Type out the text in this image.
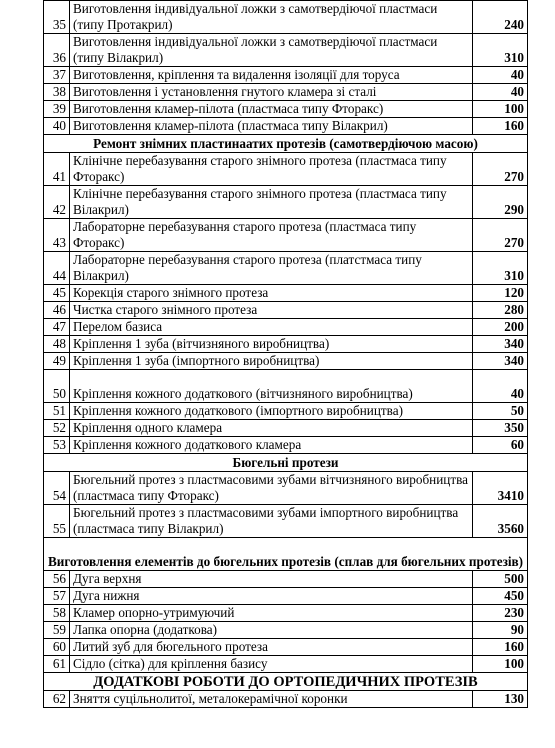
35	Виготовлення індивідуальної ложки з самотвердіючої пластмаси (типу Протакрил)	240
36	Виготовлення індивідуальної ложки з самотвердіючої пластмаси (типу Вілакрил)	310
37	Виготовлення, кріплення та видалення ізоляції для торуса	40
38	Виготовлення і установлення гнутого кламера зі сталі	40
39	Виготовлення кламер-пілота (пластмаса типу Фторакс)	100
40	Виготовлення кламер-пілота (пластмаса типу Вілакрил)	160
Ремонт знімних пластинаатих протезів (самотвердіючою масою)		
41	Клінічне перебазування старого знімного протеза (пластмаса типу Фторакс)	270
42	Клінічне перебазування старого знімного протеза (пластмаса типу Вілакрил)	290
43	Лабораторне перебазування старого протеза (пластмаса типу Фторакс)	270
44	Лабораторне перебазування старого протеза (платстмаса типу Вілакрил)	310
45	Корекція старого знімного протеза	120
46	Чистка старого знімного протеза	280
47	Перелом базиса	200
48	Кріплення 1 зуба (вітчизняного виробництва)	340
49	Кріплення 1 зуба (імпортного виробництва)	340
50	Кріплення кожного додаткового (вітчизняного виробництва)	40
51	Кріплення кожного додаткового (імпортного виробництва)	50
52	Кріплення одного кламера	350
53	Кріплення кожного додаткового кламера	60
Бюгельні протези		
54	Бюгельний протез з пластмасовими зубами вітчизняного виробництва (пластмаса типу Фторакс)	3410
55	Бюгельний протез з пластмасовими зубами імпортного виробництва (пластмаса типу Вілакрил)	3560
Виготовлення елементів до бюгельних протезів (сплав для бюгельних протезів)		
56	Дуга верхня	500
57	Дуга нижня	450
58	Кламер опорно-утримуючий	230
59	Лапка опорна (додаткова)	90
60	Литий зуб для бюгельного протеза	160
61	Сідло (сітка) для кріплення базису	100
ДОДАТКОВІ РОБОТИ ДО ОРТОПЕДИЧНИХ ПРОТЕЗІВ		
62	Зняття суцільнолитої, металокерамічної коронки	130
